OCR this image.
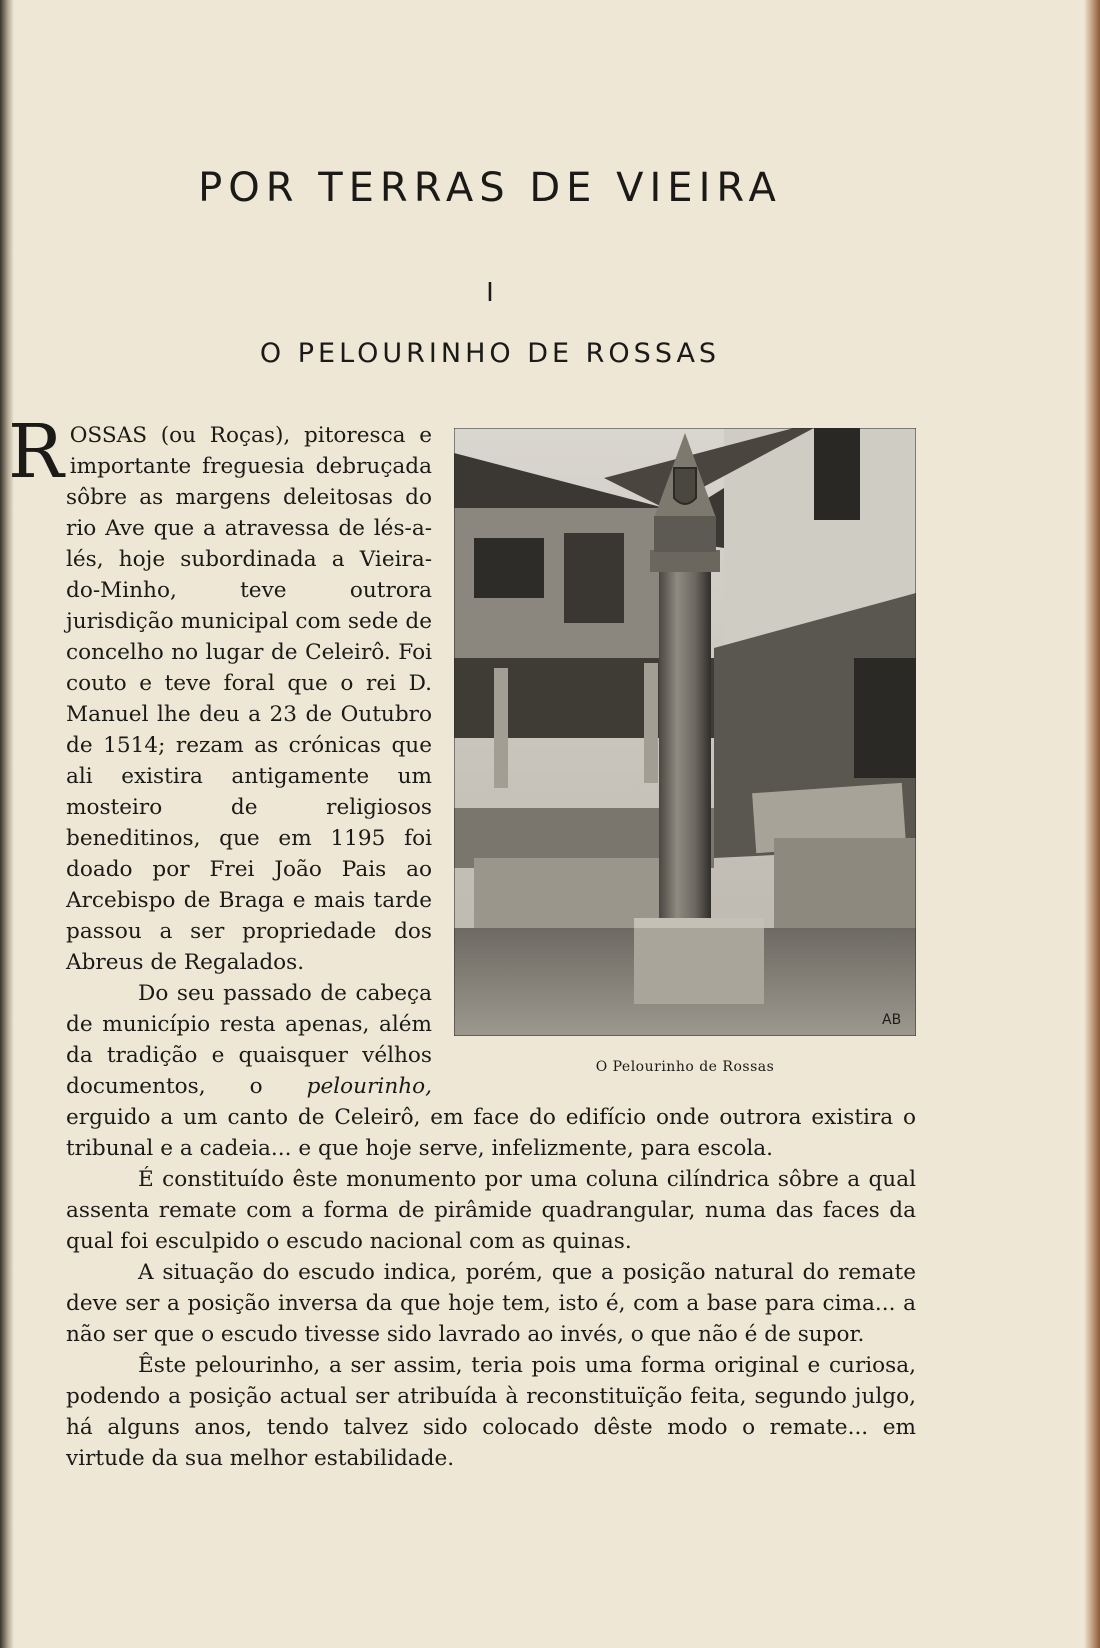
POR TERRAS DE VIEIRA
I
O PELOURINHO DE ROSSAS
AB
O Pelourinho de Rossas

ROSSAS (ou Roças), pitoresca e importante freguesia debruçada sôbre as margens deleitosas do rio Ave que a atravessa de lés-a-lés, hoje subordinada a Vieira-do-Minho, teve outrora jurisdição municipal com sede de concelho no lugar de Celeirô. Foi couto e teve foral que o rei D. Manuel lhe deu a 23 de Outubro de 1514; rezam as crónicas que ali existira antigamente um mosteiro de religiosos beneditinos, que em 1195 foi doado por Frei João Pais ao Arcebispo de Braga e mais tarde passou a ser propriedade dos Abreus de Regalados.

Do seu passado de cabeça de município resta apenas, além da tradição e quaisquer vélhos documentos, o pelourinho, erguido a um canto de Celeirô, em face do edifício onde outrora existira o tribunal e a cadeia... e que hoje serve, infelizmente, para escola.

É constituído êste monumento por uma coluna cilíndrica sôbre a qual assenta remate com a forma de pirâmide quadrangular, numa das faces da qual foi esculpido o escudo nacional com as quinas.

A situação do escudo indica, porém, que a posição natural do remate deve ser a posição inversa da que hoje tem, isto é, com a base para cima... a não ser que o escudo tivesse sido lavrado ao invés, o que não é de supor.

Êste pelourinho, a ser assim, teria pois uma forma original e curiosa, podendo a posição actual ser atribuída à reconstituïção feita, segundo julgo, há alguns anos, tendo talvez sido colocado dêste modo o remate... em virtude da sua melhor estabilidade.
